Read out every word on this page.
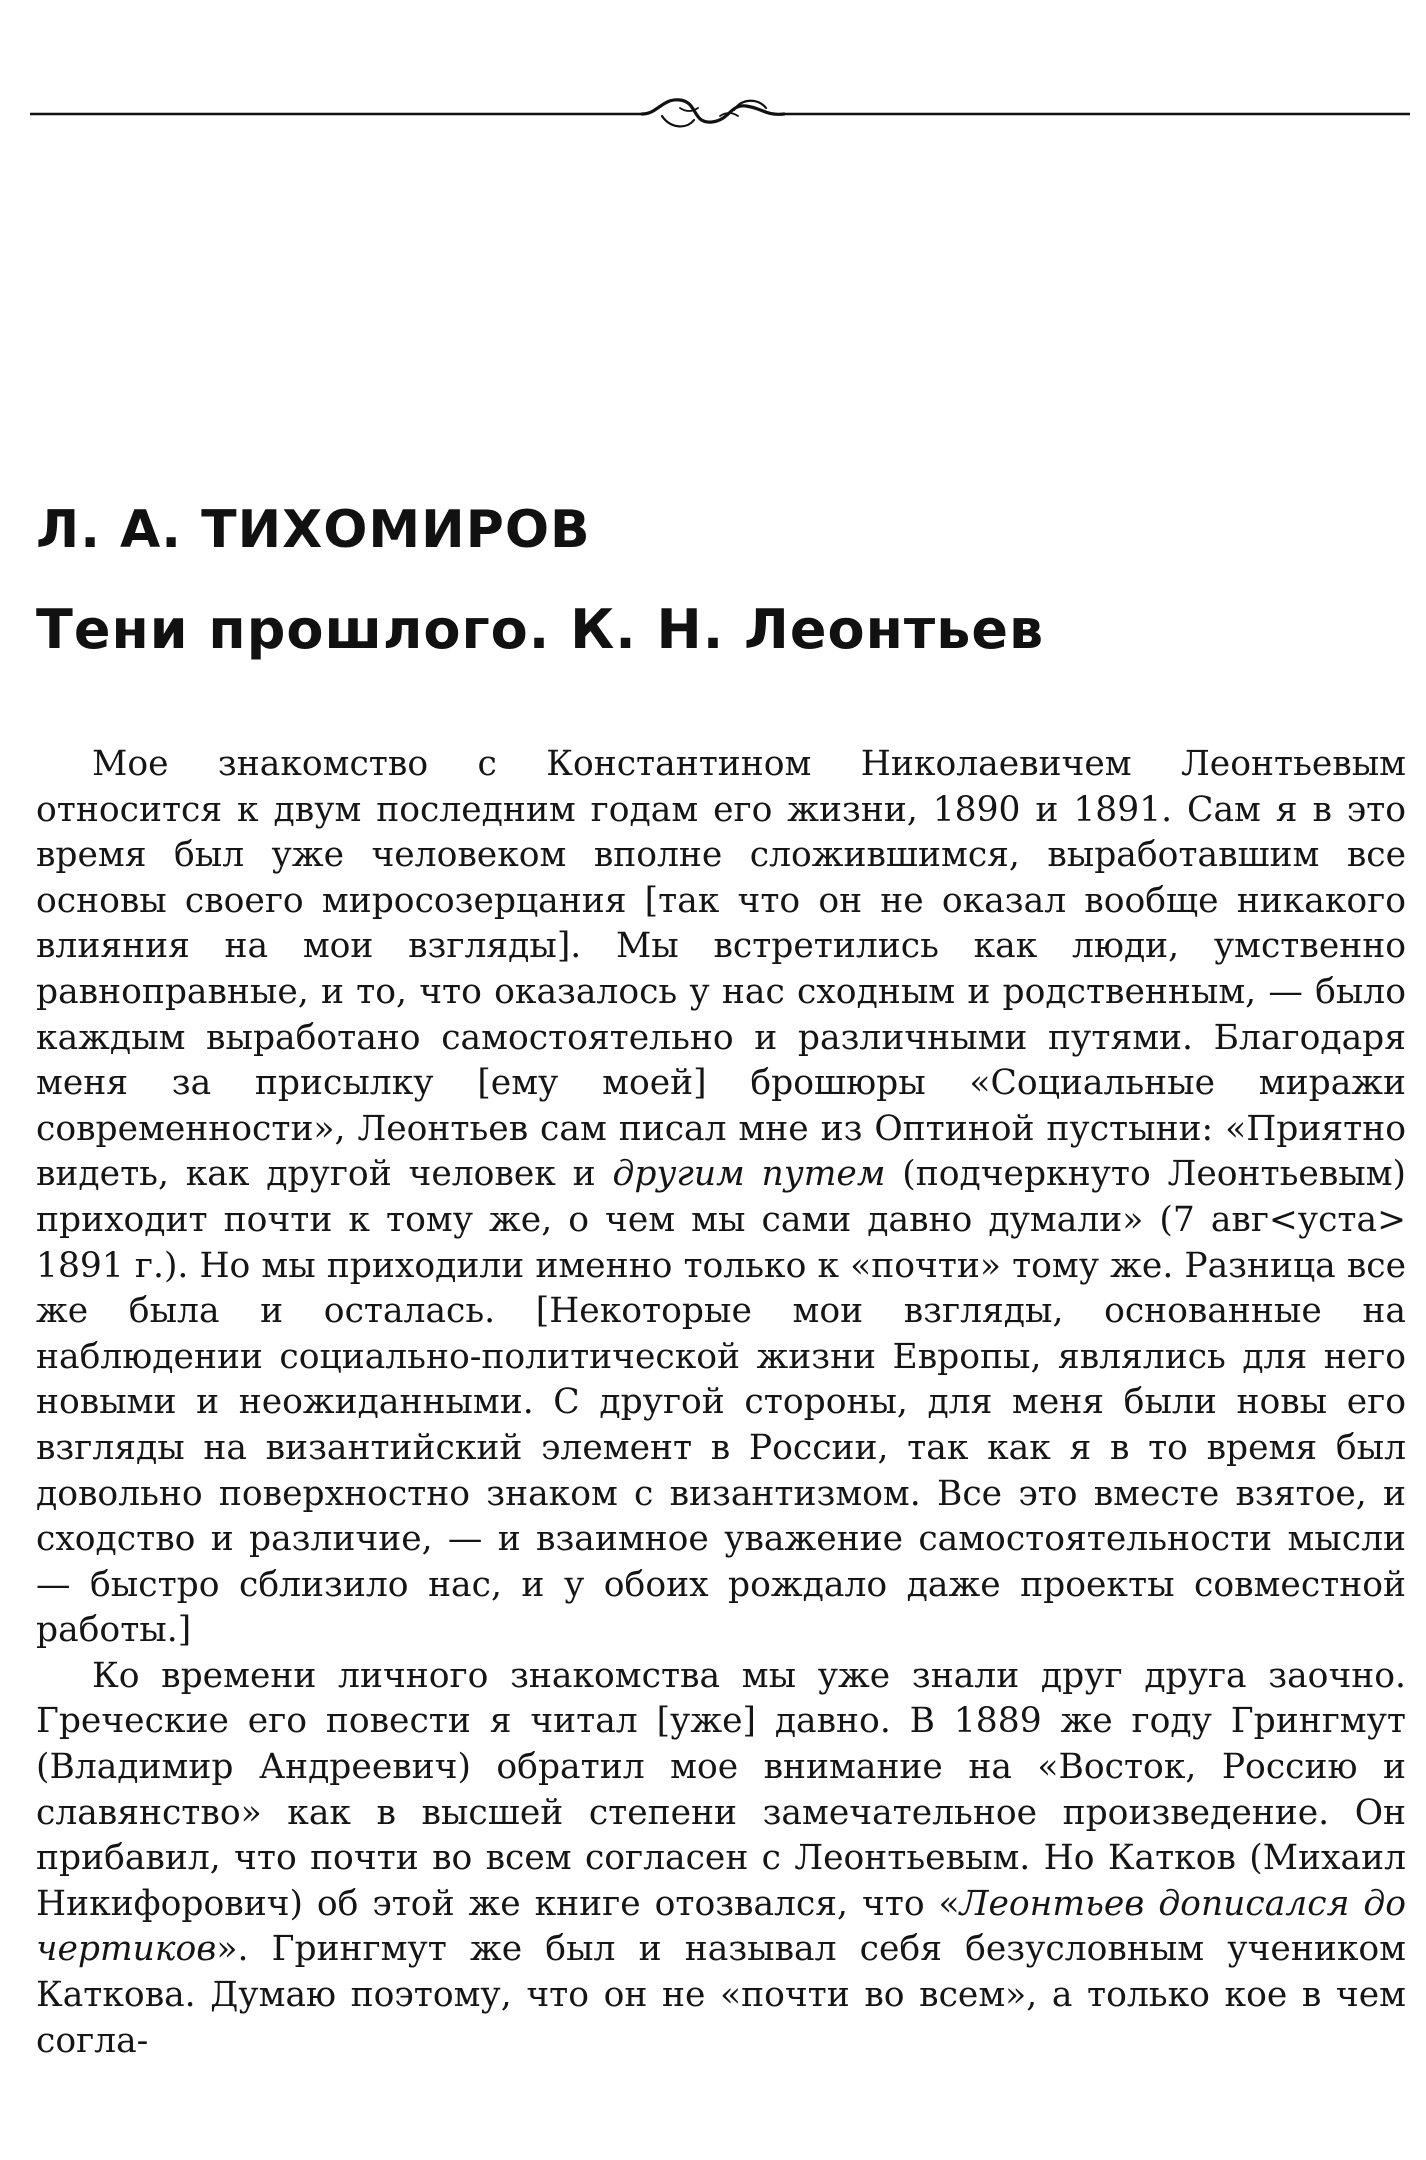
Л. А. ТИХОМИРОВ
Тени прошлого. К. Н. Леонтьев

Мое знакомство с Константином Николаевичем Леонтьевым относится к двум последним годам его жизни, 1890 и 1891. Сам я в это время был уже человеком вполне сложившимся, выработавшим все основы своего миросозерцания [так что он не оказал вообще никакого влияния на мои взгляды]. Мы встретились как люди, умственно равноправные, и то, что оказалось у нас сходным и родственным, — было каждым выработано самостоятельно и различными путями. Благодаря меня за присылку [ему моей] брошюры «Социальные миражи современности», Леонтьев сам писал мне из Оптиной пустыни: «Приятно видеть, как другой человек и другим путем (подчеркнуто Леонтьевым) приходит почти к тому же, о чем мы сами давно думали» (7 авг<уста> 1891 г.). Но мы приходили именно только к «почти» тому же. Разница все же была и осталась. [Некоторые мои взгляды, основанные на наблюдении социально-политической жизни Европы, являлись для него новыми и неожиданными. С другой стороны, для меня были новы его взгляды на византийский элемент в России, так как я в то время был довольно поверхностно знаком с византизмом. Все это вместе взятое, и сходство и различие, — и взаимное уважение самостоятельности мысли — быстро сблизило нас, и у обоих рождало даже проекты совместной работы.]

Ко времени личного знакомства мы уже знали друг друга заочно. Греческие его повести я читал [уже] давно. В 1889 же году Грингмут (Владимир Андреевич) обратил мое внимание на «Восток, Россию и славянство» как в высшей степени замечательное произведение. Он прибавил, что почти во всем согласен с Леонтьевым. Но Катков (Михаил Никифорович) об этой же книге отозвался, что «Леонтьев дописался до чертиков». Грингмут же был и называл себя безусловным учеником Каткова. Думаю поэтому, что он не «почти во всем», а только кое в чем согла-
